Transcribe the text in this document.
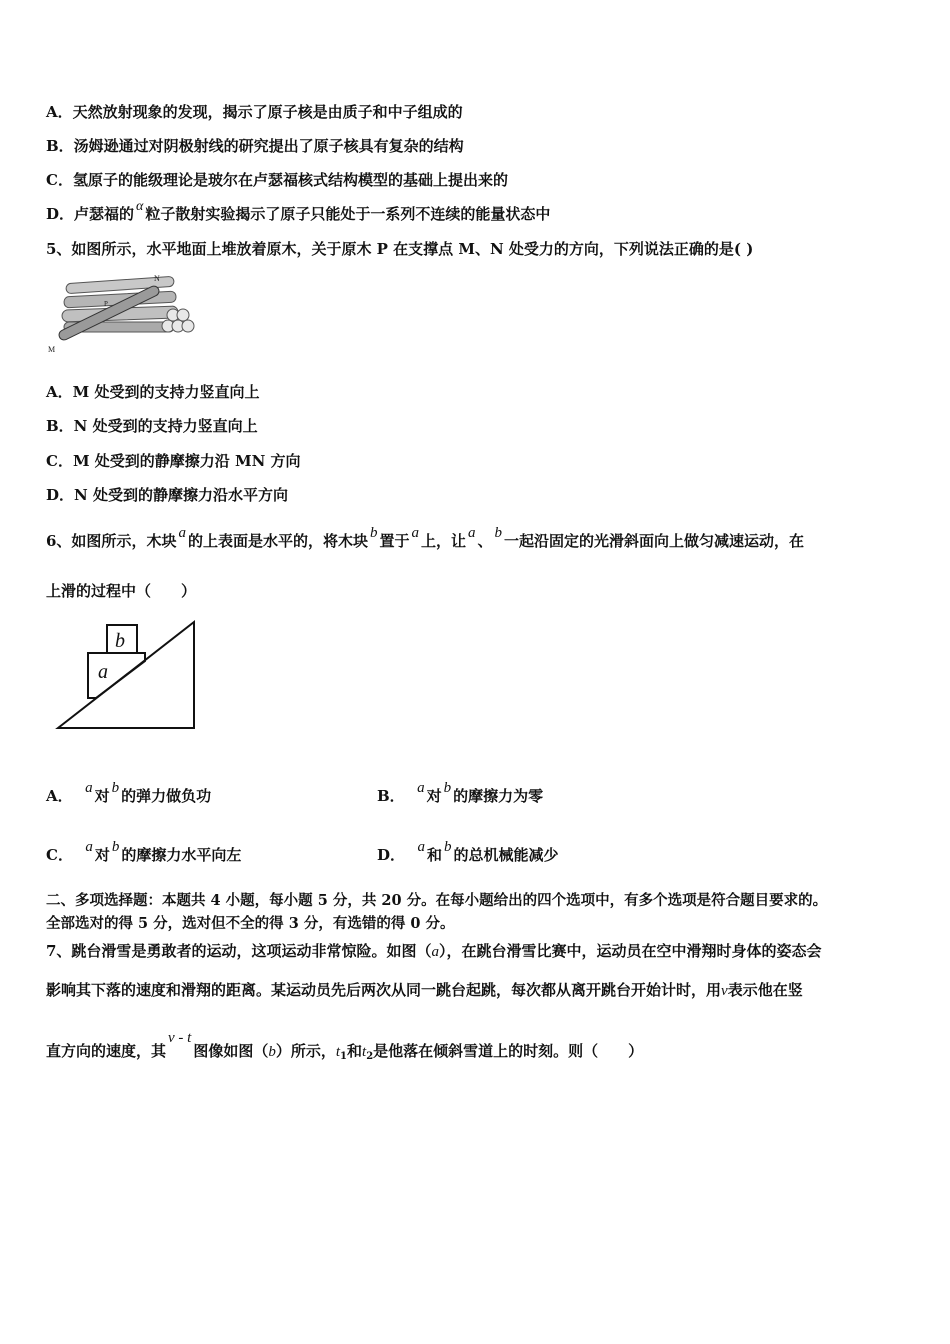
A．天然放射现象的发现，揭示了原子核是由质子和中子组成的
B．汤姆逊通过对阴极射线的研究提出了原子核具有复杂的结构
C．氢原子的能级理论是玻尔在卢瑟福核式结构模型的基础上提出来的
D．卢瑟福的 α 粒子散射实验揭示了原子只能处于一系列不连续的能量状态中
5、如图所示，水平地面上堆放着原木，关于原木 P 在支撑点 M、N 处受力的方向，下列说法正确的是( )
M
N
P
A．M 处受到的支持力竖直向上
B．N 处受到的支持力竖直向上
C．M 处受到的静摩擦力沿 MN 方向
D．N 处受到的静摩擦力沿水平方向
6、如图所示，木块 a 的上表面是水平的，将木块 b 置于 a 上，让 a 、 b 一起沿固定的光滑斜面向上做匀减速运动，在
上滑的过程中（　　）
a
b
A． a 对 b 的弹力做负功	B． a 对 b 的摩擦力为零
C． a 对 b 的摩擦力水平向左	D． a 和 b 的总机械能减少
二、多项选择题：本题共 4 小题，每小题 5 分，共 20 分。在每小题给出的四个选项中，有多个选项是符合题目要求的。
全部选对的得 5 分，选对但不全的得 3 分，有选错的得 0 分。
7、跳台滑雪是勇敢者的运动，这项运动非常惊险。如图（a），在跳台滑雪比赛中，运动员在空中滑翔时身体的姿态会
影响其下落的速度和滑翔的距离。某运动员先后两次从同一跳台起跳，每次都从离开跳台开始计时，用v表示他在竖
直方向的速度，其v - t图像如图（b）所示，$t_1$和$t_2$是他落在倾斜雪道上的时刻。则（　　）
